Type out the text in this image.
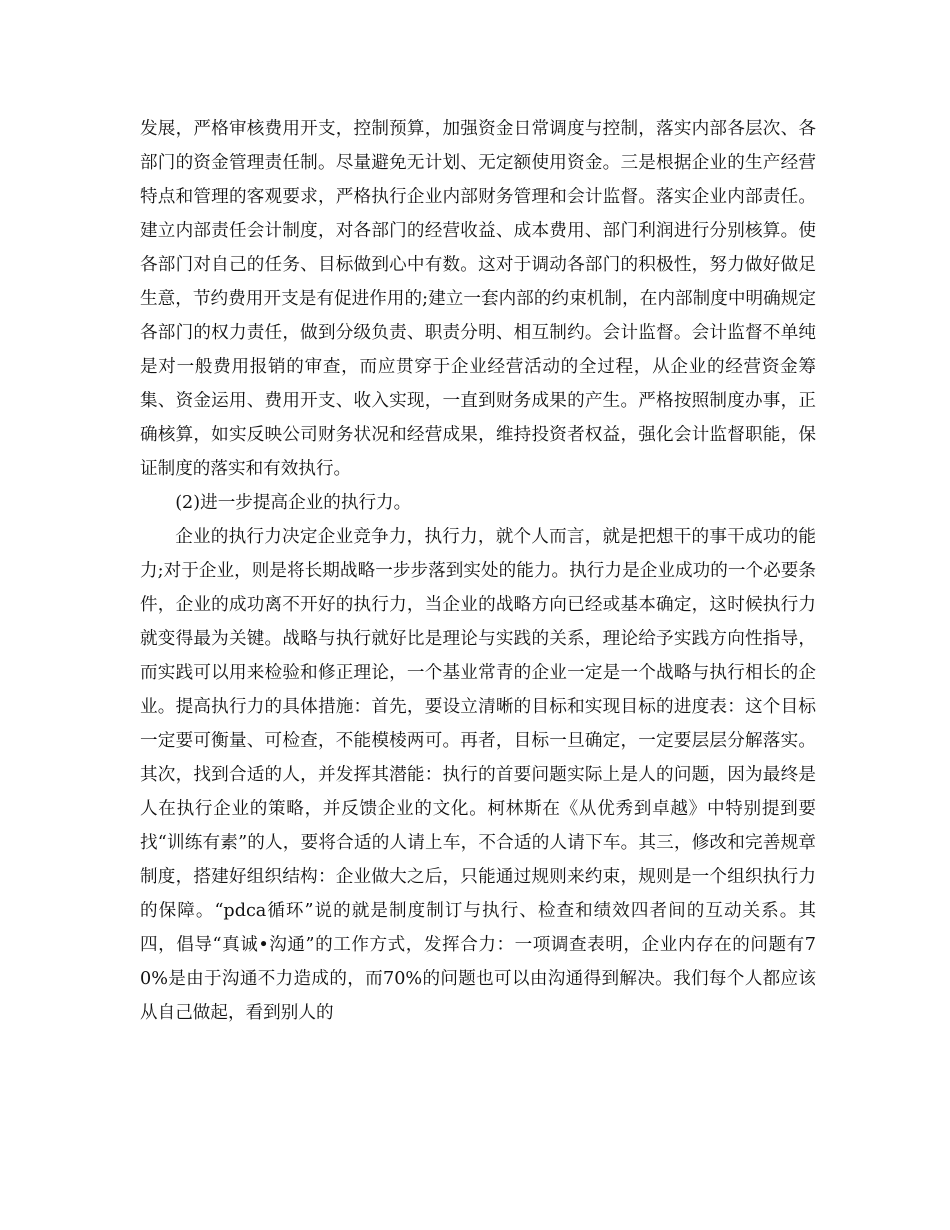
发展，严格审核费用开支，控制预算，加强资金日常调度与控制，落实内部各层次、各部门的资金管理责任制。尽量避免无计划、无定额使用资金。三是根据企业的生产经营特点和管理的客观要求，严格执行企业内部财务管理和会计监督。落实企业内部责任。建立内部责任会计制度，对各部门的经营收益、成本费用、部门利润进行分别核算。使各部门对自己的任务、目标做到心中有数。这对于调动各部门的积极性，努力做好做足生意，节约费用开支是有促进作用的;建立一套内部的约束机制，在内部制度中明确规定各部门的权力责任，做到分级负责、职责分明、相互制约。会计监督。会计监督不单纯是对一般费用报销的审查，而应贯穿于企业经营活动的全过程，从企业的经营资金筹集、资金运用、费用开支、收入实现，一直到财务成果的产生。严格按照制度办事，正确核算，如实反映公司财务状况和经营成果，维持投资者权益，强化会计监督职能，保证制度的落实和有效执行。

(2)进一步提高企业的执行力。

企业的执行力决定企业竞争力，执行力，就个人而言，就是把想干的事干成功的能力;对于企业，则是将长期战略一步步落到实处的能力。执行力是企业成功的一个必要条件，企业的成功离不开好的执行力，当企业的战略方向已经或基本确定，这时候执行力就变得最为关键。战略与执行就好比是理论与实践的关系，理论给予实践方向性指导，而实践可以用来检验和修正理论，一个基业常青的企业一定是一个战略与执行相长的企业。提高执行力的具体措施：首先，要设立清晰的目标和实现目标的进度表：这个目标一定要可衡量、可检查，不能模棱两可。再者，目标一旦确定，一定要层层分解落实。其次，找到合适的人，并发挥其潜能：执行的首要问题实际上是人的问题，因为最终是人在执行企业的策略，并反馈企业的文化。柯林斯在《从优秀到卓越》中特别提到要找“训练有素”的人，要将合适的人请上车，不合适的人请下车。其三，修改和完善规章制度，搭建好组织结构：企业做大之后，只能通过规则来约束，规则是一个组织执行力的保障。“pdca循环”说的就是制度制订与执行、检查和绩效四者间的互动关系。其四，倡导“真诚•沟通”的工作方式，发挥合力：一项调查表明，企业内存在的问题有70%是由于沟通不力造成的，而70%的问题也可以由沟通得到解决。我们每个人都应该从自己做起，看到别人的
